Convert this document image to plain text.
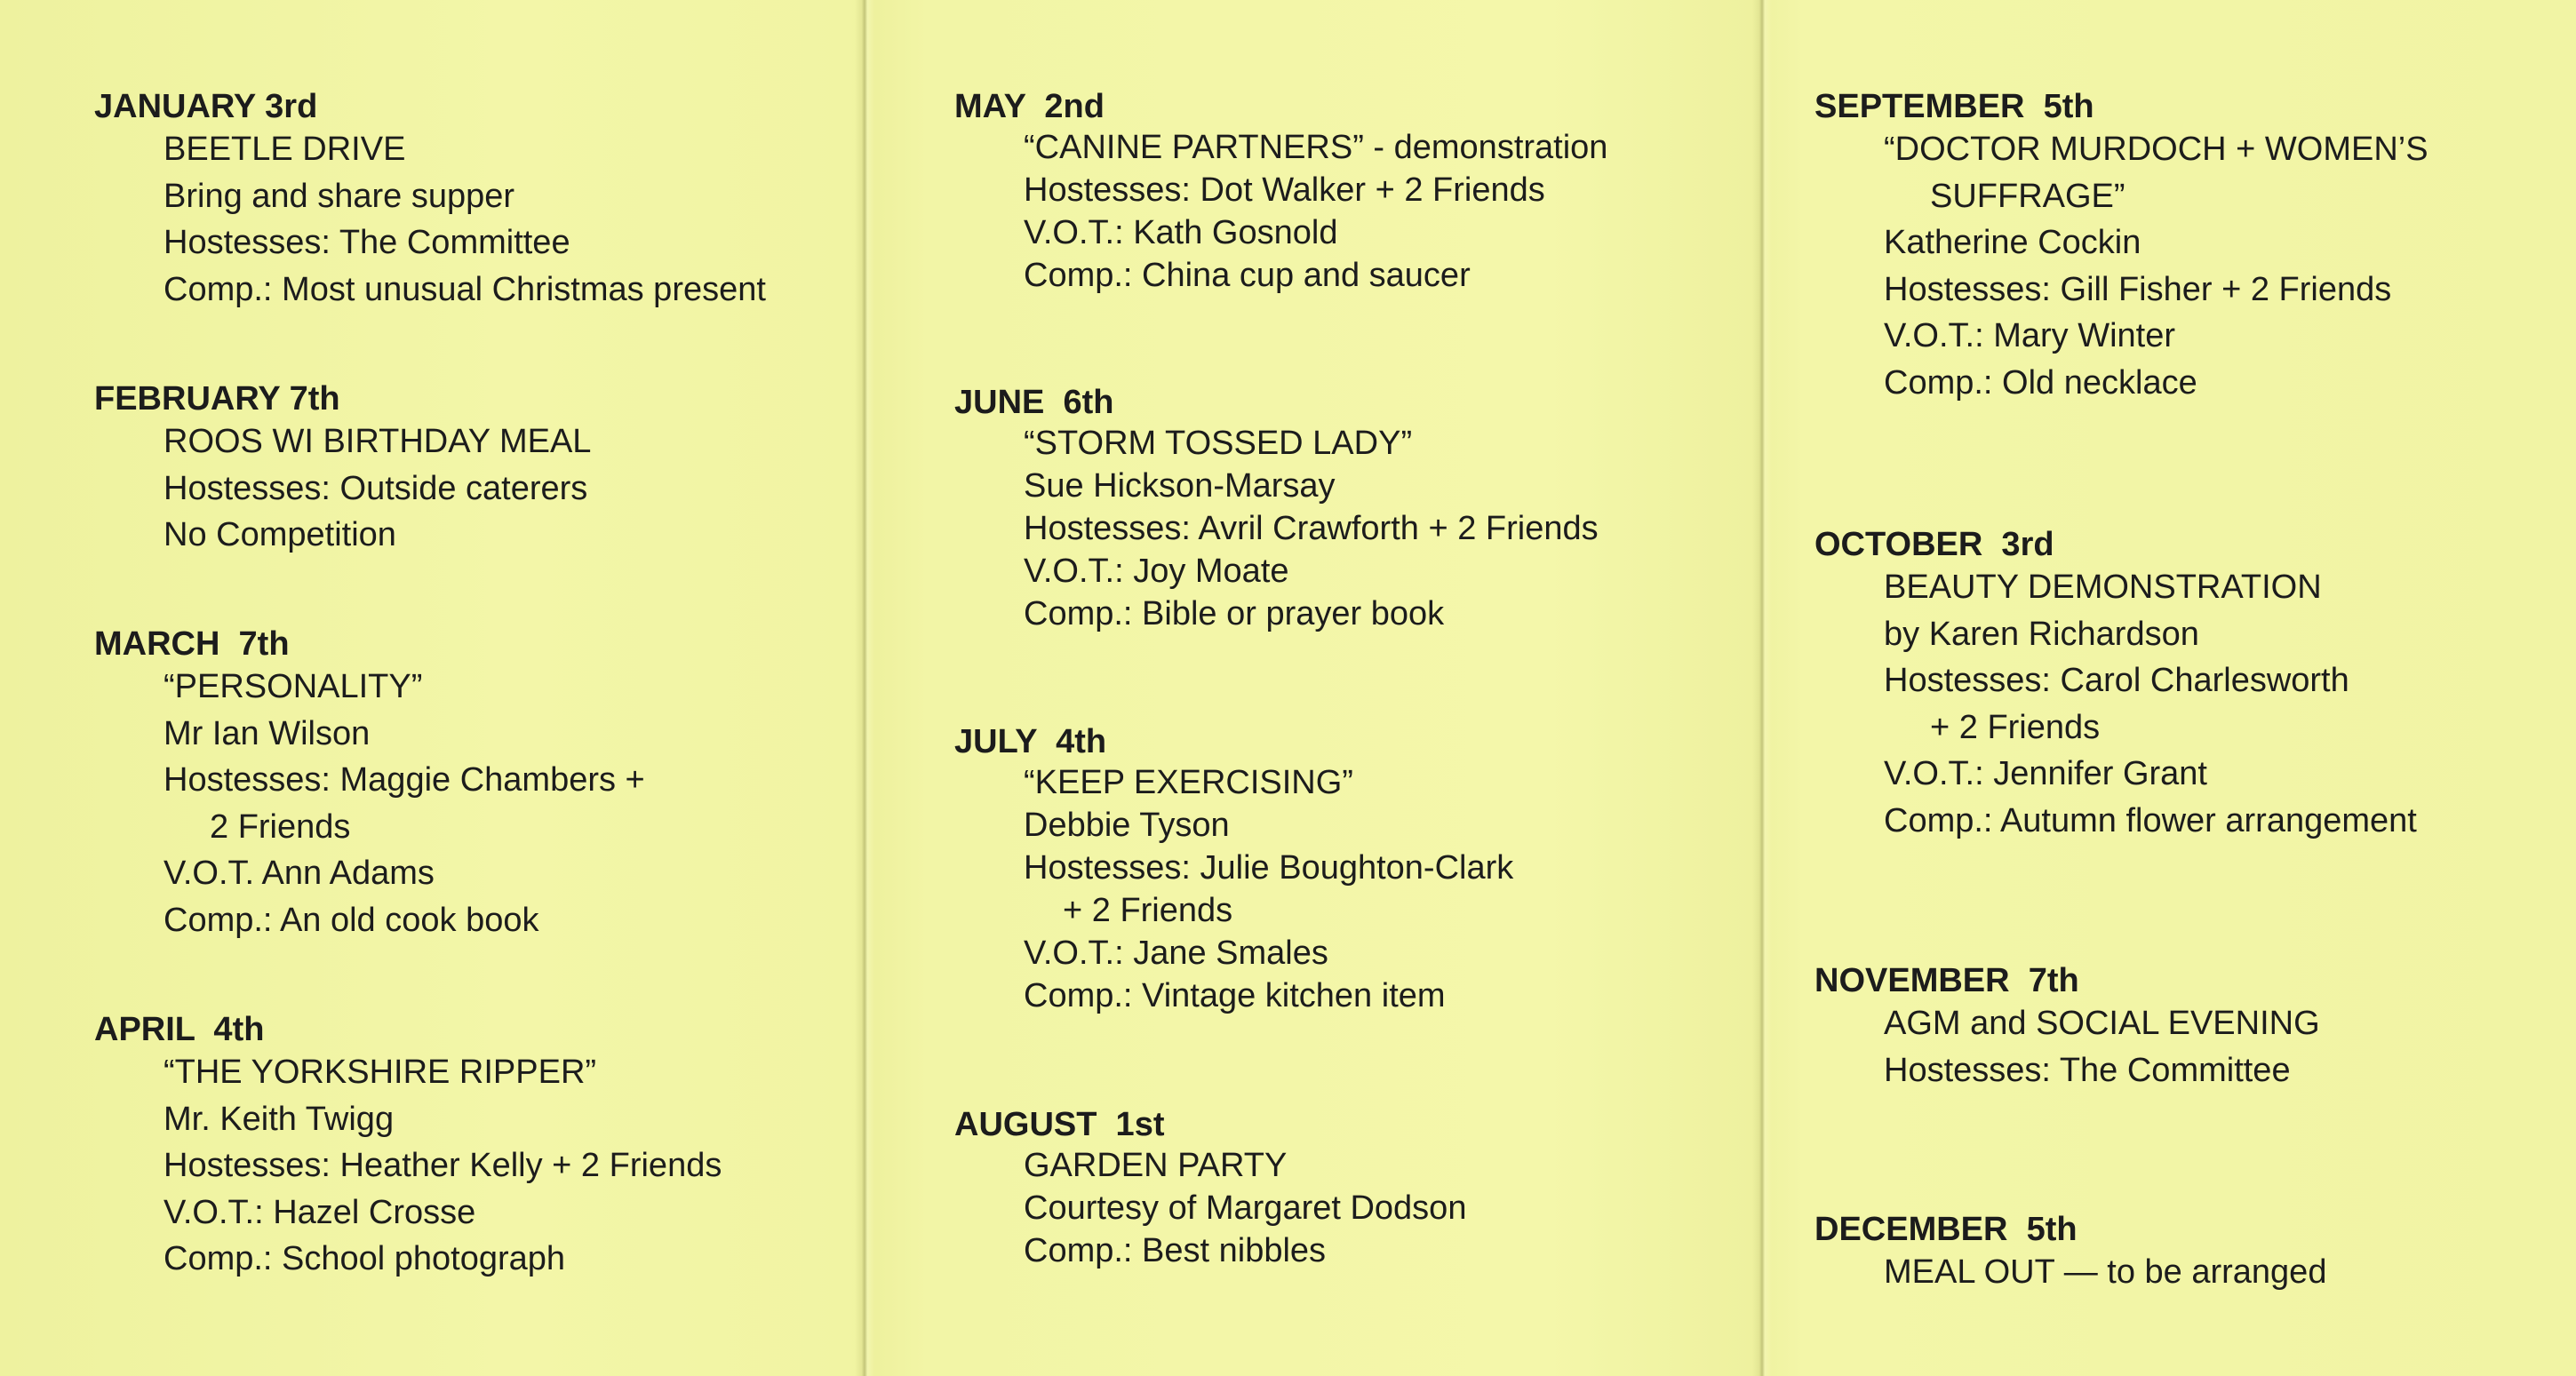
JANUARY 3rd
BEETLE DRIVE
Bring and share supper
Hostesses: The Committee
Comp.: Most unusual Christmas present
FEBRUARY 7th
ROOS WI BIRTHDAY MEAL
Hostesses: Outside caterers
No Competition
MARCH  7th
“PERSONALITY”
Mr Ian Wilson
Hostesses: Maggie Chambers +
2 Friends
V.O.T. Ann Adams
Comp.: An old cook book
APRIL  4th
“THE YORKSHIRE RIPPER”
Mr. Keith Twigg
Hostesses: Heather Kelly + 2 Friends
V.O.T.: Hazel Crosse
Comp.: School photograph
MAY  2nd
“CANINE PARTNERS” - demonstration
Hostesses: Dot Walker + 2 Friends
V.O.T.: Kath Gosnold
Comp.: China cup and saucer
JUNE  6th
“STORM TOSSED LADY”
Sue Hickson-Marsay
Hostesses: Avril Crawforth + 2 Friends
V.O.T.: Joy Moate
Comp.: Bible or prayer book
JULY  4th
“KEEP EXERCISING”
Debbie Tyson
Hostesses: Julie Boughton-Clark
+ 2 Friends
V.O.T.: Jane Smales
Comp.: Vintage kitchen item
AUGUST  1st
GARDEN PARTY
Courtesy of Margaret Dodson
Comp.: Best nibbles
SEPTEMBER  5th
“DOCTOR MURDOCH + WOMEN’S
SUFFRAGE”
Katherine Cockin
Hostesses: Gill Fisher + 2 Friends
V.O.T.: Mary Winter
Comp.: Old necklace
OCTOBER  3rd
BEAUTY DEMONSTRATION
by Karen Richardson
Hostesses: Carol Charlesworth
+ 2 Friends
V.O.T.: Jennifer Grant
Comp.: Autumn flower arrangement
NOVEMBER  7th
AGM and SOCIAL EVENING
Hostesses: The Committee
DECEMBER  5th
MEAL OUT — to be arranged
